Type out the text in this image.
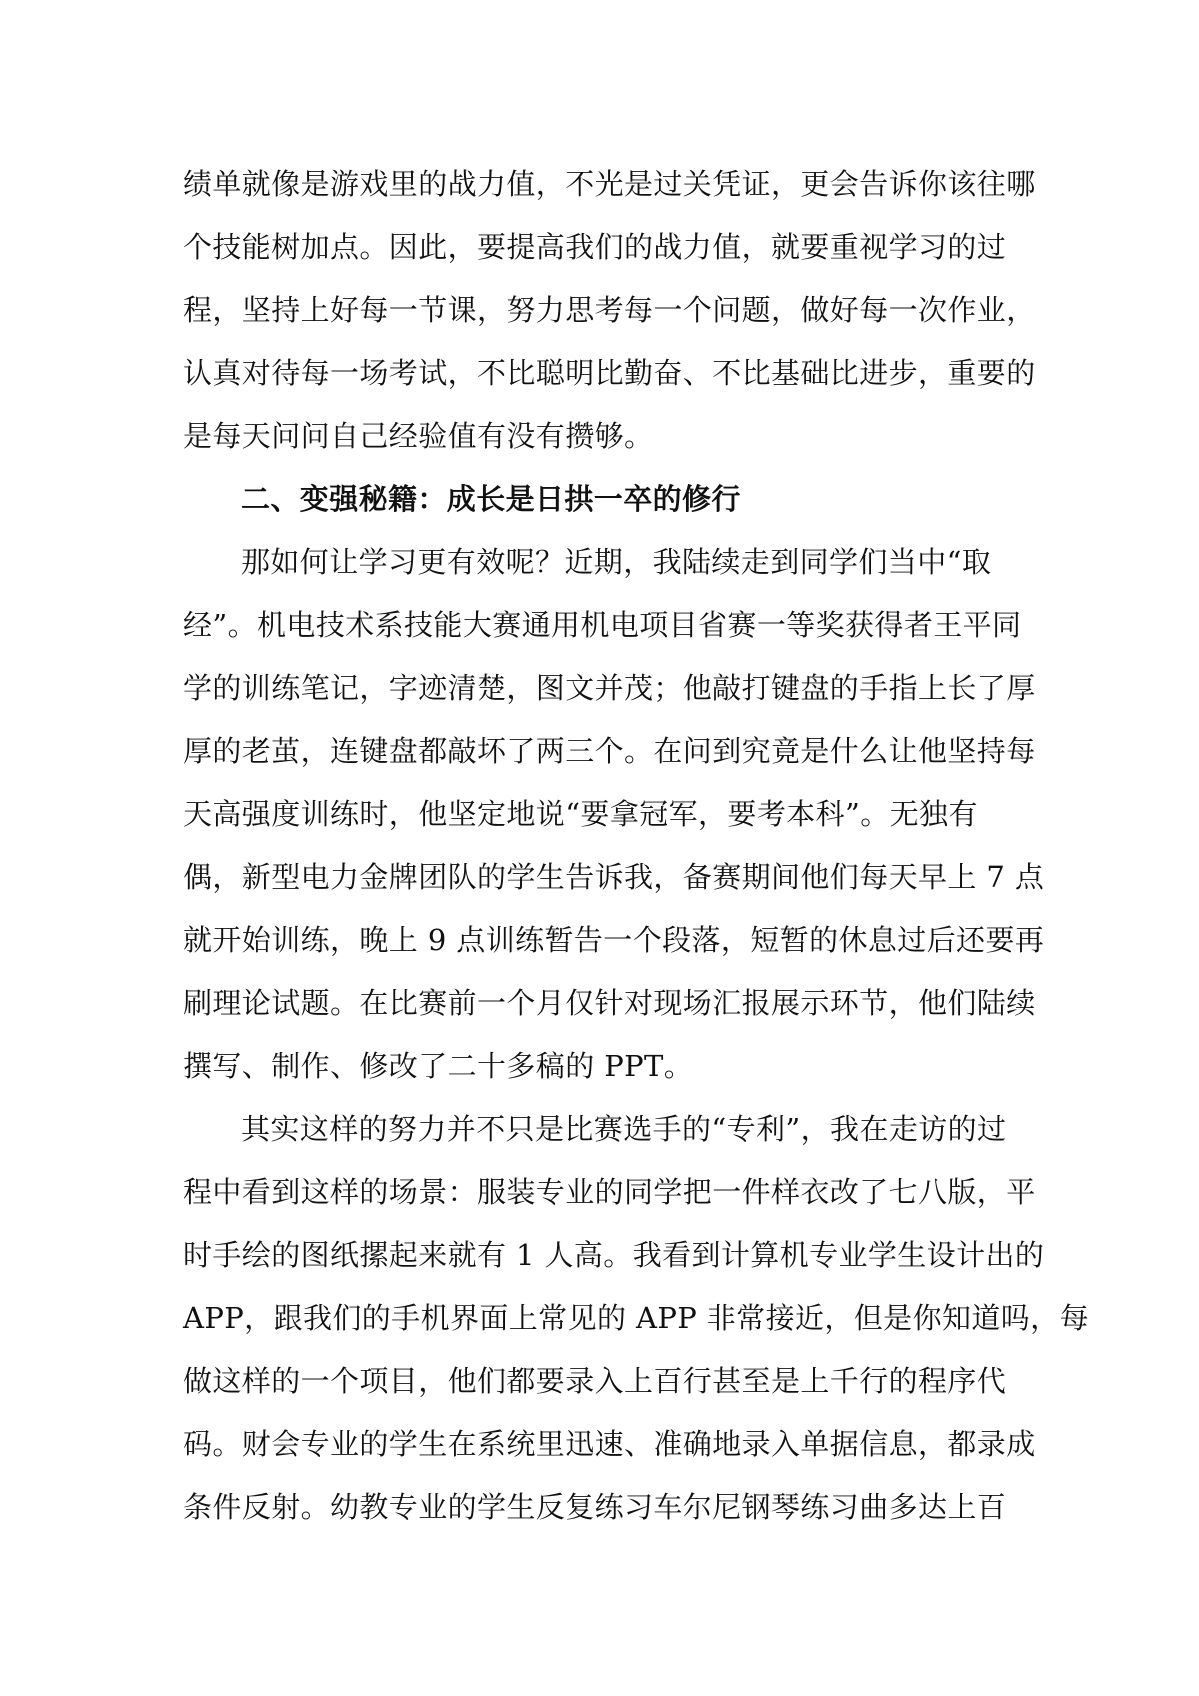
绩单就像是游戏里的战力值，不光是过关凭证，更会告诉你该往哪
个技能树加点。因此，要提高我们的战力值，就要重视学习的过
程，坚持上好每一节课，努力思考每一个问题，做好每一次作业，
认真对待每一场考试，不比聪明比勤奋、不比基础比进步，重要的
是每天问问自己经验值有没有攒够。
二、变强秘籍：成长是日拱一卒的修行
那如何让学习更有效呢？近期，我陆续走到同学们当中“取
经”。机电技术系技能大赛通用机电项目省赛一等奖获得者王平同
学的训练笔记，字迹清楚，图文并茂；他敲打键盘的手指上长了厚
厚的老茧，连键盘都敲坏了两三个。在问到究竟是什么让他坚持每
天高强度训练时，他坚定地说“要拿冠军，要考本科”。无独有
偶，新型电力金牌团队的学生告诉我，备赛期间他们每天早上 7 点
就开始训练，晚上 9 点训练暂告一个段落，短暂的休息过后还要再
刷理论试题。在比赛前一个月仅针对现场汇报展示环节，他们陆续
撰写、制作、修改了二十多稿的 PPT。
其实这样的努力并不只是比赛选手的“专利”，我在走访的过
程中看到这样的场景：服装专业的同学把一件样衣改了七八版，平
时手绘的图纸摞起来就有 1 人高。我看到计算机专业学生设计出的
APP，跟我们的手机界面上常见的 APP 非常接近，但是你知道吗，每
做这样的一个项目，他们都要录入上百行甚至是上千行的程序代
码。财会专业的学生在系统里迅速、准确地录入单据信息，都录成
条件反射。幼教专业的学生反复练习车尔尼钢琴练习曲多达上百
